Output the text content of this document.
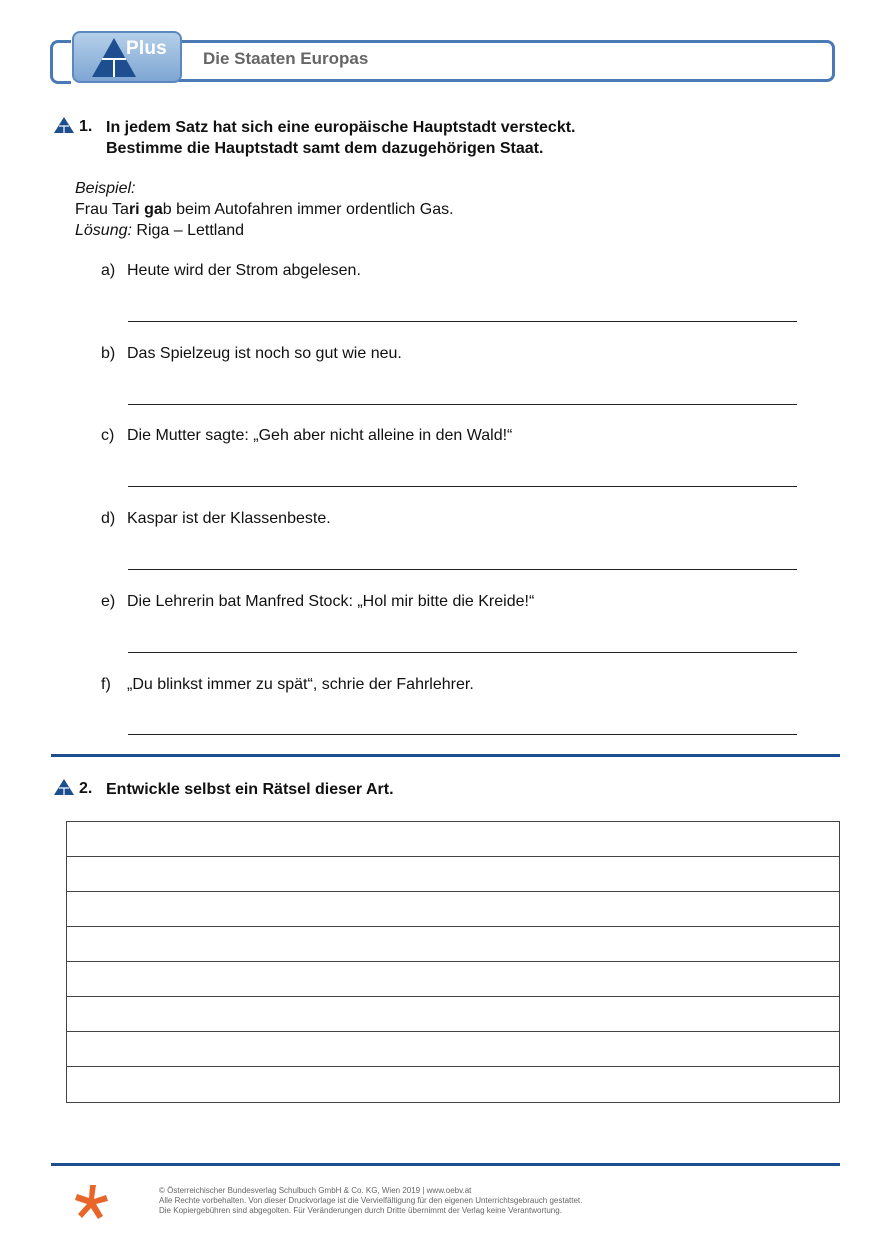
Plus Die Staaten Europas
1. In jedem Satz hat sich eine europäische Hauptstadt versteckt.
Bestimme die Hauptstadt samt dem dazugehörigen Staat.
Beispiel:
Frau Tari gab beim Autofahren immer ordentlich Gas.
Lösung: Riga – Lettland
a) Heute wird der Strom abgelesen.
b) Das Spielzeug ist noch so gut wie neu.
c) Die Mutter sagte: „Geh aber nicht alleine in den Wald!“
d) Kaspar ist der Klassenbeste.
e) Die Lehrerin bat Manfred Stock: „Hol mir bitte die Kreide!“
f) „Du blinkst immer zu spät“, schrie der Fahrlehrer.
2. Entwickle selbst ein Rätsel dieser Art.
© Österreichischer Bundesverlag Schulbuch GmbH & Co. KG, Wien 2019 | www.oebv.at
Alle Rechte vorbehalten. Von dieser Druckvorlage ist die Vervielfältigung für den eigenen Unterrichtsgebrauch gestattet.
Die Kopiergebühren sind abgegolten. Für Veränderungen durch Dritte übernimmt der Verlag keine Verantwortung.
